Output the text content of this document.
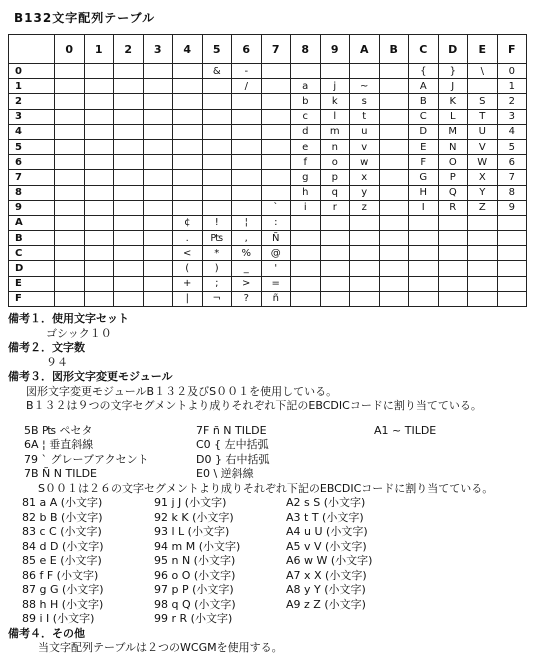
B132文字配列テーブル
	0	1	2	3	4	5	6	7	8	9	A	B	C	D	E	F
0						&	-						{	}	\	0
1							/		a	j	~		A	J		1
2									b	k	s		B	K	S	2
3									c	l	t		C	L	T	3
4									d	m	u		D	M	U	4
5									e	n	v		E	N	V	5
6									f	o	w		F	O	W	6
7									g	p	x		G	P	X	7
8									h	q	y		H	Q	Y	8
9								`	i	r	z		I	R	Z	9
A					¢	!	¦	:								
B					.	₧	,	Ñ								
C					<	*	%	@								
D					(	)	_	'								
E					+	;	>	=								
F					|	¬	?	ñ								
備考１．使用文字セット
ゴシック１０
備考２．文字数
９４
備考３．図形文字変更モジュール
図形文字変更モジュールB１３２及びS００１を使用している。
B１３２は９つの文字セグメントより成りそれぞれ下記のEBCDICコードに割り当てている。
5B ₧ ペセタ	7F ñ N TILDE	A1 ~ TILDE
6A ¦ 垂直斜線	C0 { 左中括弧
79 ` グレーブアクセント	D0 } 右中括弧
7B Ñ N TILDE	E0 \ 逆斜線
S００１は２６の文字セグメントより成りそれぞれ下記のEBCDICコードに割り当てている。
81 a A (小文字)	91 j J (小文字)	A2 s S (小文字)
82 b B (小文字)	92 k K (小文字)	A3 t T (小文字)
83 c C (小文字)	93 l L (小文字)	A4 u U (小文字)
84 d D (小文字)	94 m M (小文字)	A5 v V (小文字)
85 e E (小文字)	95 n N (小文字)	A6 w W (小文字)
86 f F (小文字)	96 o O (小文字)	A7 x X (小文字)
87 g G (小文字)	97 p P (小文字)	A8 y Y (小文字)
88 h H (小文字)	98 q Q (小文字)	A9 z Z (小文字)
89 i I (小文字)	99 r R (小文字)
備考４．その他
当文字配列テーブルは２つのWCGMを使用する。
